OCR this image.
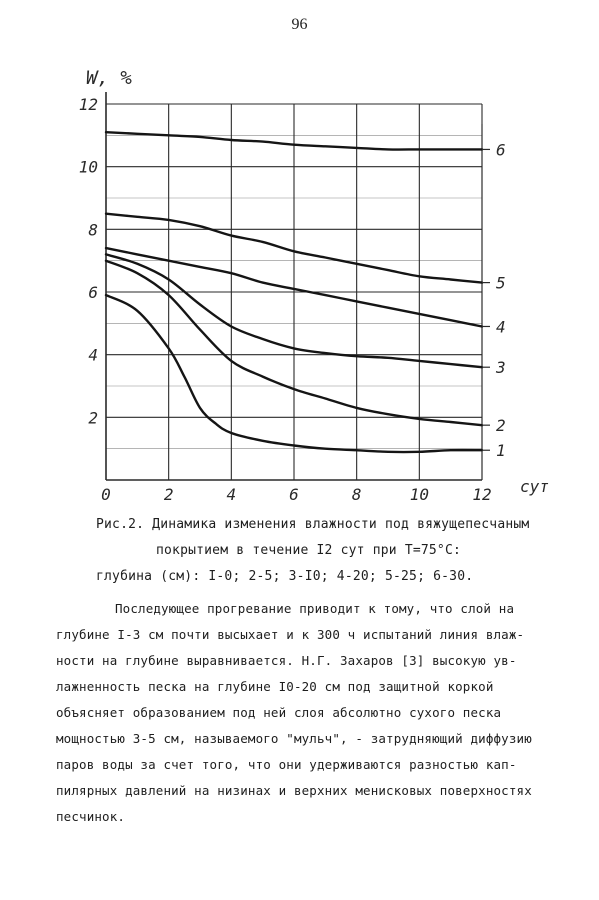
96
2
4
6
8
10
12
0	2	4	6	8	10	12
W, %
сут
1
2
3
4
5
6
Рис.2. Динамика изменения влажности под вяжущепесчаным
покрытием в течение I2 сут при T=75°C:
глубина (см): I-0; 2-5; 3-I0; 4-20; 5-25; 6-30.
Последующее прогревание приводит к тому, что слой на
глубине I-3 см почти высыхает и к 300 ч испытаний линия влаж-
ности на глубине выравнивается. Н.Г. Захаров [3] высокую ув-
лажненность песка на глубине I0-20 см под защитной коркой
объясняет образованием под ней слоя абсолютно сухого песка
мощностью 3-5 см, называемого "мульч", - затрудняющий диффузию
паров воды за счет того, что они удерживаются разностью кап-
пилярных давлений на низинах и верхних менисковых поверхностях
песчинок.
